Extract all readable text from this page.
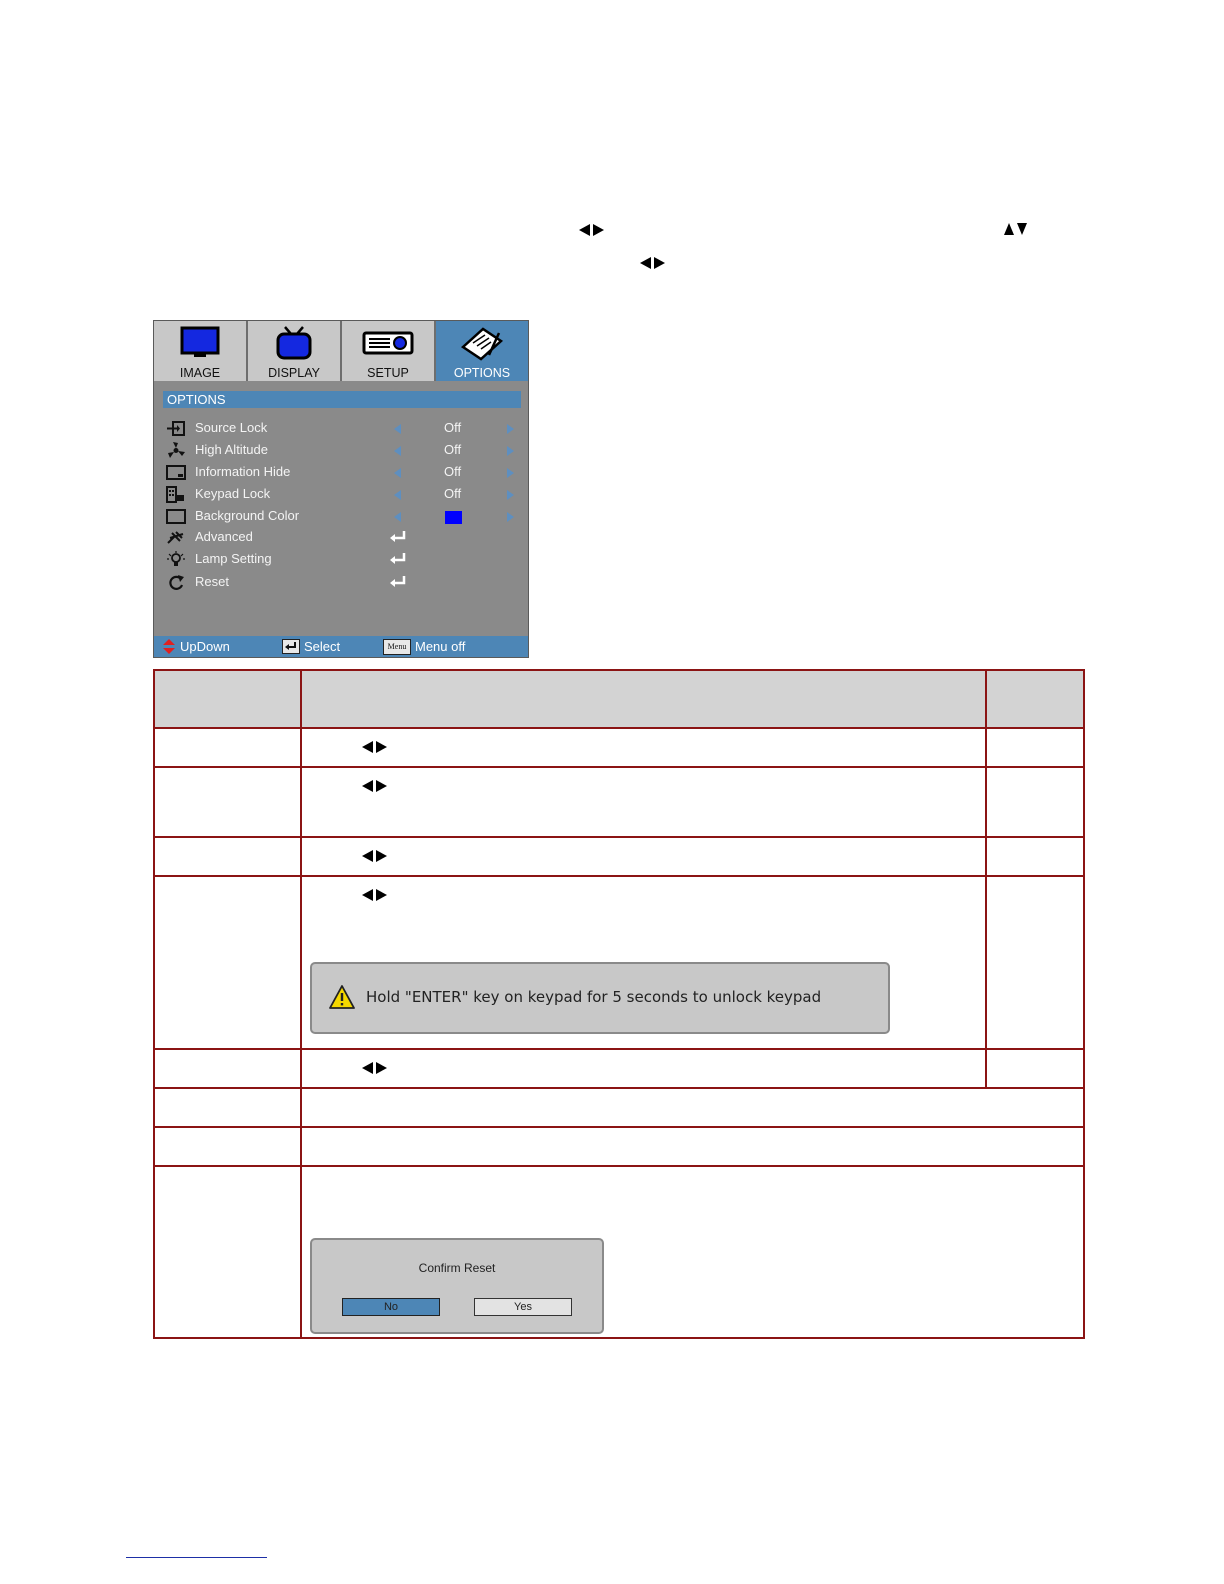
IMAGE	DISPLAY	SETUP	OPTIONS
OPTIONS
Source Lock	Off
High Altitude	Off
Information Hide	Off
Keypad Lock	Off
Background Color
Advanced
Lamp Setting
Reset
UpDown	Select	Menu Menu off
Hold "ENTER" key on keypad for 5 seconds to unlock keypad
Confirm Reset
No	Yes
